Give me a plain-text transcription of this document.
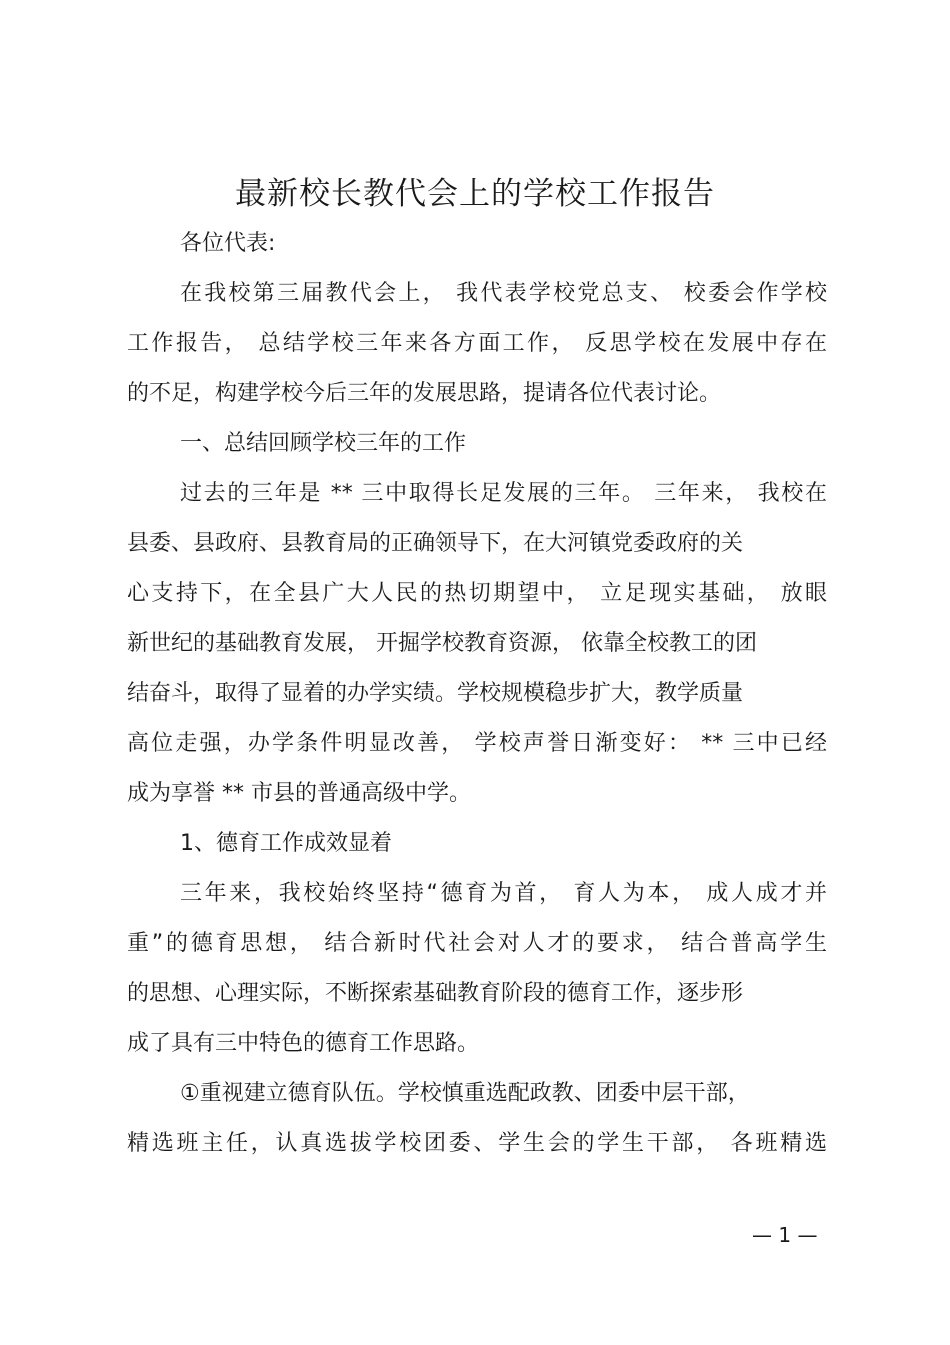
最新校长教代会上的学校工作报告
各位代表:
在我校第三届教代会上， 我代表学校党总支、 校委会作学校
工作报告， 总结学校三年来各方面工作， 反思学校在发展中存在
的不足，构建学校今后三年的发展思路，提请各位代表讨论。
一、总结回顾学校三年的工作
过去的三年是 ** 三中取得长足发展的三年。 三年来， 我校在
县委、县政府、县教育局的正确领导下，在大河镇党委政府的关
心支持下，在全县广大人民的热切期望中， 立足现实基础， 放眼
新世纪的基础教育发展， 开掘学校教育资源， 依靠全校教工的团
结奋斗，取得了显着的办学实绩。学校规模稳步扩大，教学质量
高位走强，办学条件明显改善， 学校声誉日渐变好： ** 三中已经
成为享誉 ** 市县的普通高级中学。
1、德育工作成效显着
三年来，我校始终坚持“德育为首， 育人为本， 成人成才并
重”的德育思想， 结合新时代社会对人才的要求， 结合普高学生
的思想、心理实际，不断探索基础教育阶段的德育工作，逐步形
成了具有三中特色的德育工作思路。
①重视建立德育队伍。学校慎重选配政教、团委中层干部，
精选班主任，认真选拔学校团委、学生会的学生干部， 各班精选
— 1 —
